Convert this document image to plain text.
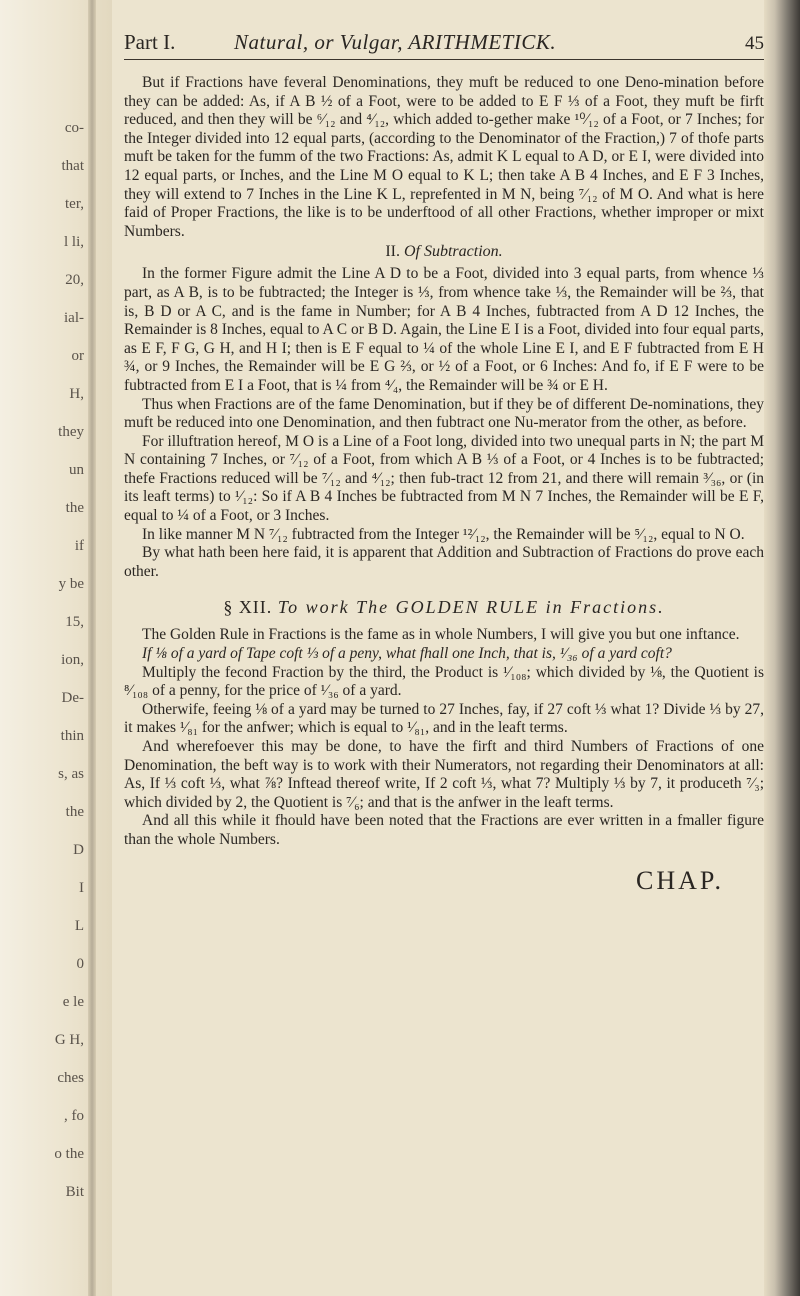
co-
that
ter,
l li,
20,
ial-
or
H,
they
un
the
if
y be
15,
ion,
De-
thin
s, as
the
D
I
L
0
e le
G H,
ches
, fo
o the
Bit
Part I.	Natural, or Vulgar, ARITHMETICK.	45

But if Fractions have feveral Denominations, they muft be reduced to one Deno-mination before they can be added: As, if A B ½ of a Foot, were to be added to E F ⅓ of a Foot, they muft be firft reduced, and then they will be ⁶⁄₁₂ and ⁴⁄₁₂, which added to-gether make ¹⁰⁄₁₂ of a Foot, or 7 Inches; for the Integer divided into 12 equal parts, (according to the Denominator of the Fraction,) 7 of thofe parts muft be taken for the fumm of the two Fractions: As, admit K L equal to A D, or E I, were divided into 12 equal parts, or Inches, and the Line M O equal to K L; then take A B 4 Inches, and E F 3 Inches, they will extend to 7 Inches in the Line K L, reprefented in M N, being ⁷⁄₁₂ of M O. And what is here faid of Proper Fractions, the like is to be underftood of all other Fractions, whether improper or mixt Numbers.

II. Of Subtraction.

In the former Figure admit the Line A D to be a Foot, divided into 3 equal parts, from whence ⅓ part, as A B, is to be fubtracted; the Integer is ⅓, from whence take ⅓, the Remainder will be ⅔, that is, B D or A C, and is the fame in Number; for A B 4 Inches, fubtracted from A D 12 Inches, the Remainder is 8 Inches, equal to A C or B D. Again, the Line E I is a Foot, divided into four equal parts, as E F, F G, G H, and H I; then is E F equal to ¼ of the whole Line E I, and E F fubtracted from E H ¾, or 9 Inches, the Remainder will be E G ⅔, or ½ of a Foot, or 6 Inches: And fo, if E F were to be fubtracted from E I a Foot, that is ¼ from ⁴⁄₄, the Remainder will be ¾ or E H.

Thus when Fractions are of the fame Denomination, but if they be of different De-nominations, they muft be reduced into one Denomination, and then fubtract one Nu-merator from the other, as before.

For illuftration hereof, M O is a Line of a Foot long, divided into two unequal parts in N; the part M N containing 7 Inches, or ⁷⁄₁₂ of a Foot, from which A B ⅓ of a Foot, or 4 Inches is to be fubtracted; thefe Fractions reduced will be ⁷⁄₁₂ and ⁴⁄₁₂; then fub-tract 12 from 21, and there will remain ³⁄₃₆, or (in its leaft terms) to ¹⁄₁₂: So if A B 4 Inches be fubtracted from M N 7 Inches, the Remainder will be E F, equal to ¼ of a Foot, or 3 Inches.

In like manner M N ⁷⁄₁₂ fubtracted from the Integer ¹²⁄₁₂, the Remainder will be ⁵⁄₁₂, equal to N O.

By what hath been here faid, it is apparent that Addition and Subtraction of Fractions do prove each other.

§ XII. To work The GOLDEN RULE in Fractions.

The Golden Rule in Fractions is the fame as in whole Numbers, I will give you but one inftance.

If ⅛ of a yard of Tape coft ⅓ of a peny, what fhall one Inch, that is, ¹⁄₃₆ of a yard coft?

Multiply the fecond Fraction by the third, the Product is ¹⁄₁₀₈; which divided by ⅛, the Quotient is ⁸⁄₁₀₈ of a penny, for the price of ¹⁄₃₆ of a yard.

Otherwife, feeing ⅛ of a yard may be turned to 27 Inches, fay, if 27 coft ⅓ what 1? Divide ⅓ by 27, it makes ¹⁄₈₁ for the anfwer; which is equal to ¹⁄₈₁, and in the leaft terms.

And wherefoever this may be done, to have the firft and third Numbers of Fractions of one Denomination, the beft way is to work with their Numerators, not regarding their Denominators at all: As, If ⅓ coft ⅓, what ⅞? Inftead thereof write, If 2 coft ⅓, what 7? Multiply ⅓ by 7, it produceth ⁷⁄₃; which divided by 2, the Quotient is ⁷⁄₆; and that is the anfwer in the leaft terms.

And all this while it fhould have been noted that the Fractions are ever written in a fmaller figure than the whole Numbers.

CHAP.
